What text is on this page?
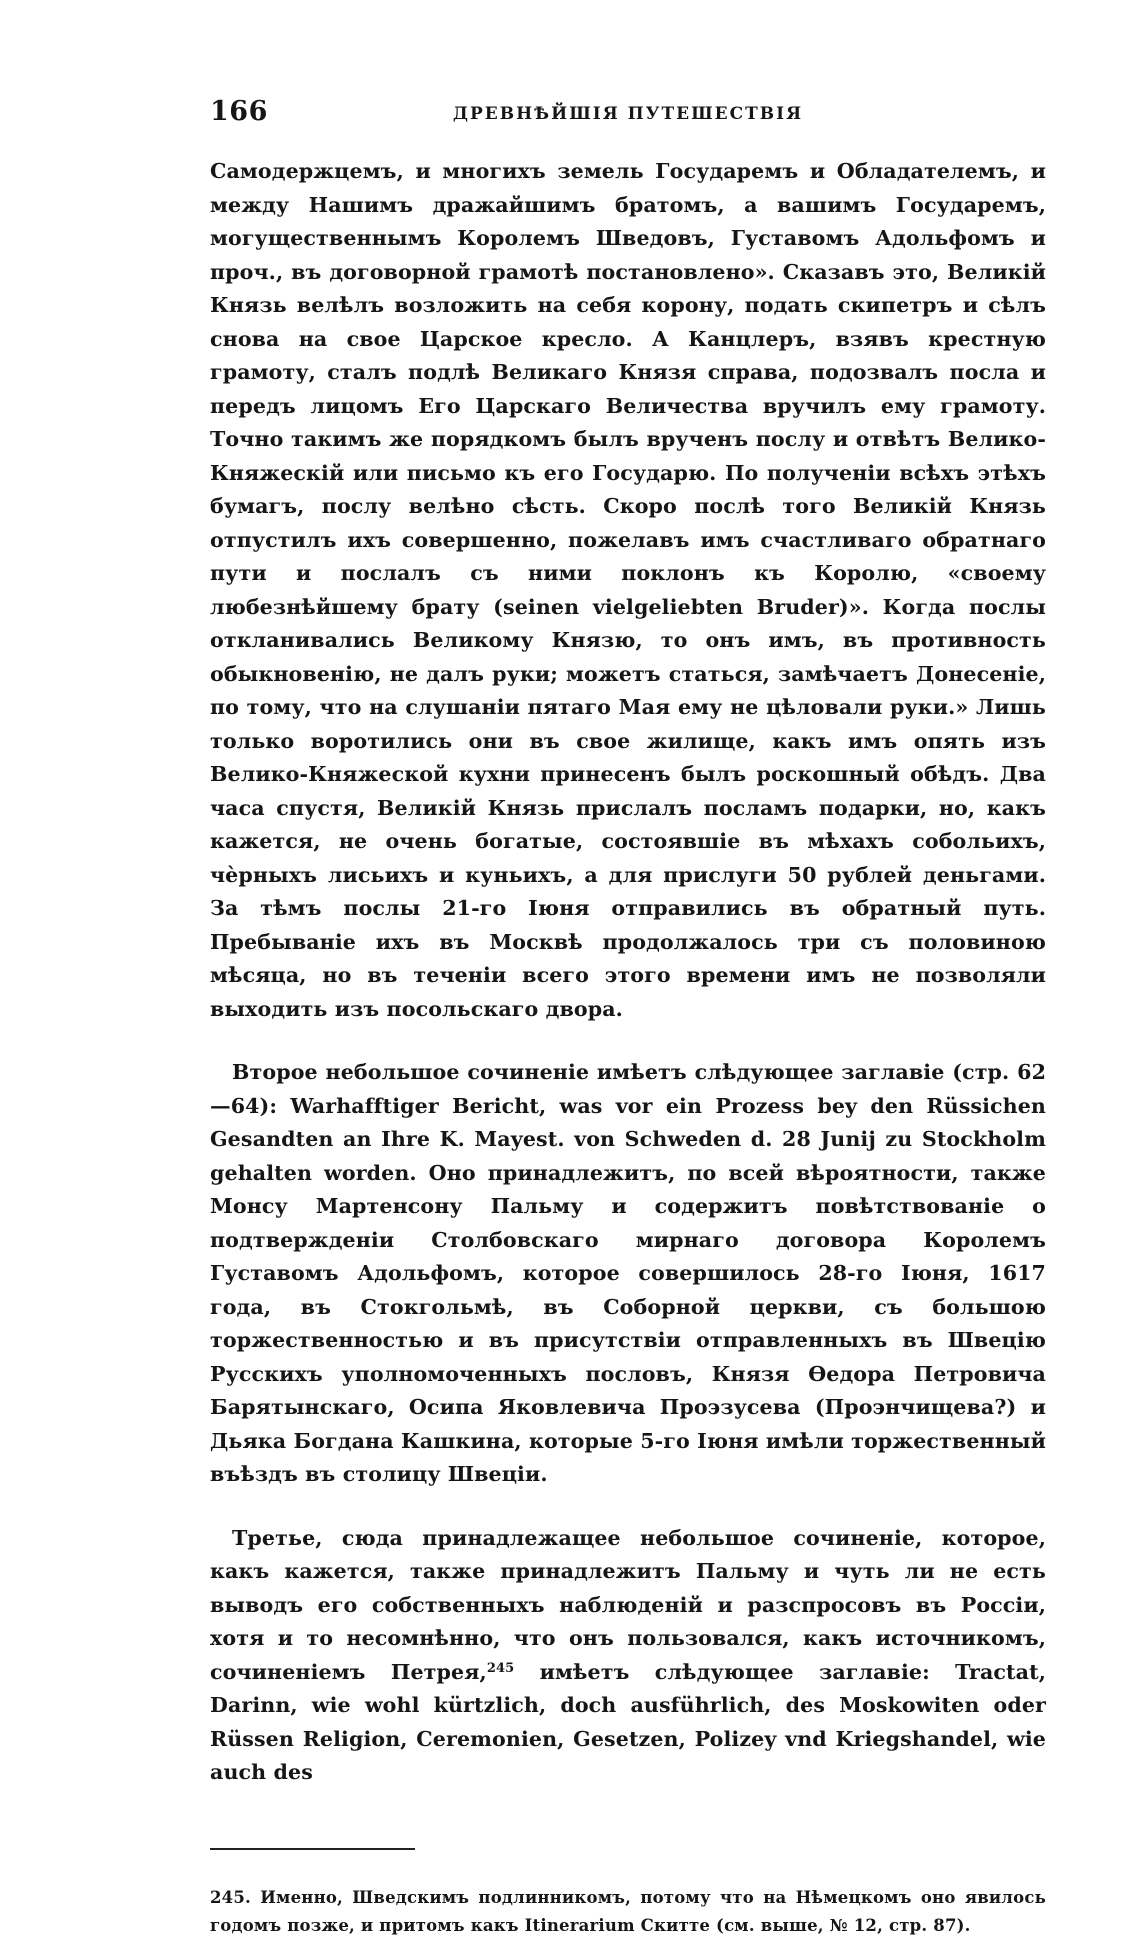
166	ДРЕВНѢЙШІЯ ПУТЕШЕСТВІЯ

Самодержцемъ, и многихъ земель Государемъ и Обладателемъ, и между Нашимъ дражайшимъ братомъ, а вашимъ Государемъ, могущественнымъ Королемъ Шведовъ, Густавомъ Адольфомъ и проч., въ договорной грамотѣ постановлено». Сказавъ это, Великій Князь велѣлъ возложить на себя корону, подать скипетръ и сѣлъ снова на свое Царское кресло. А Канцлеръ, взявъ крестную грамоту, сталъ подлѣ Великаго Князя справа, подозвалъ посла и передъ лицомъ Его Царскаго Величества вручилъ ему грамоту. Точно такимъ же порядкомъ былъ врученъ послу и отвѣтъ Велико-Княжескій или письмо къ его Государю. По полученіи всѣхъ этѣхъ бумагъ, послу велѣно сѣсть. Скоро послѣ того Великій Князь отпустилъ ихъ совершенно, пожелавъ имъ счастливаго обратнаго пути и послалъ съ ними поклонъ къ Королю, «своему любезнѣйшему брату (seinen vielgeliebten Bruder)». Когда послы откланивались Великому Князю, то онъ имъ, въ противность обыкновенію, не далъ руки; можетъ статься, замѣчаетъ Донесеніе, по тому, что на слушаніи пятаго Мая ему не цѣловали руки.» Лишь только воротились они въ свое жилище, какъ имъ опять изъ Велико-Княжеской кухни принесенъ былъ роскошный обѣдъ. Два часа спустя, Великій Князь прислалъ посламъ подарки, но, какъ кажется, не очень богатые, состоявшіе въ мѣхахъ собольихъ, чѐрныхъ лисьихъ и куньихъ, а для прислуги 50 рублей деньгами. За тѣмъ послы 21-го Іюня отправились въ обратный путь. Пребываніе ихъ въ Москвѣ продолжалось три съ половиною мѣсяца, но въ теченіи всего этого времени имъ не позволяли выходить изъ посольскаго двора.

Второе небольшое сочиненіе имѣетъ слѣдующее заглавіе (стр. 62—64): Warhafftiger Bericht, was vor ein Prozess bey den Rüssichen Gesandten an Ihre K. Mayest. von Schweden d. 28 Junij zu Stockholm gehalten worden. Оно принадлежитъ, по всей вѣроятности, также Монсу Мартенсону Пальму и содержитъ повѣтствованіе о подтвержденіи Столбовскаго мирнаго договора Королемъ Густавомъ Адольфомъ, которое совершилось 28-го Іюня, 1617 года, въ Стокгольмѣ, въ Соборной церкви, съ большою торжественностью и въ присутствіи отправленныхъ въ Швецію Русскихъ уполномоченныхъ пословъ, Князя Ѳедора Петровича Барятынскаго, Осипа Яковлевича Проэзусева (Проэнчищева?) и Дьяка Богдана Кашкина, которые 5-го Іюня имѣли торжественный въѣздъ въ столицу Швеціи.

Третье, сюда принадлежащее небольшое сочиненіе, которое, какъ кажется, также принадлежитъ Пальму и чуть ли не есть выводъ его собственныхъ наблюденій и разспросовъ въ Россіи, хотя и то несомнѣнно, что онъ пользовался, какъ источникомъ, сочиненіемъ Петрея,$^{245}$ имѣетъ слѣдующее заглавіе: Tractat, Darinn, wie wohl kürtzlich, doch ausführlich, des Moskowiten oder Rüssen Religion, Ceremonien, Gesetzen, Polizey vnd Kriegshandel, wie auch des

245. Именно, Шведскимъ подлинникомъ, потому что на Нѣмецкомъ оно явилось годомъ позже, и притомъ какъ Itinerarium Скитте (см. выше, № 12, стр. 87).
